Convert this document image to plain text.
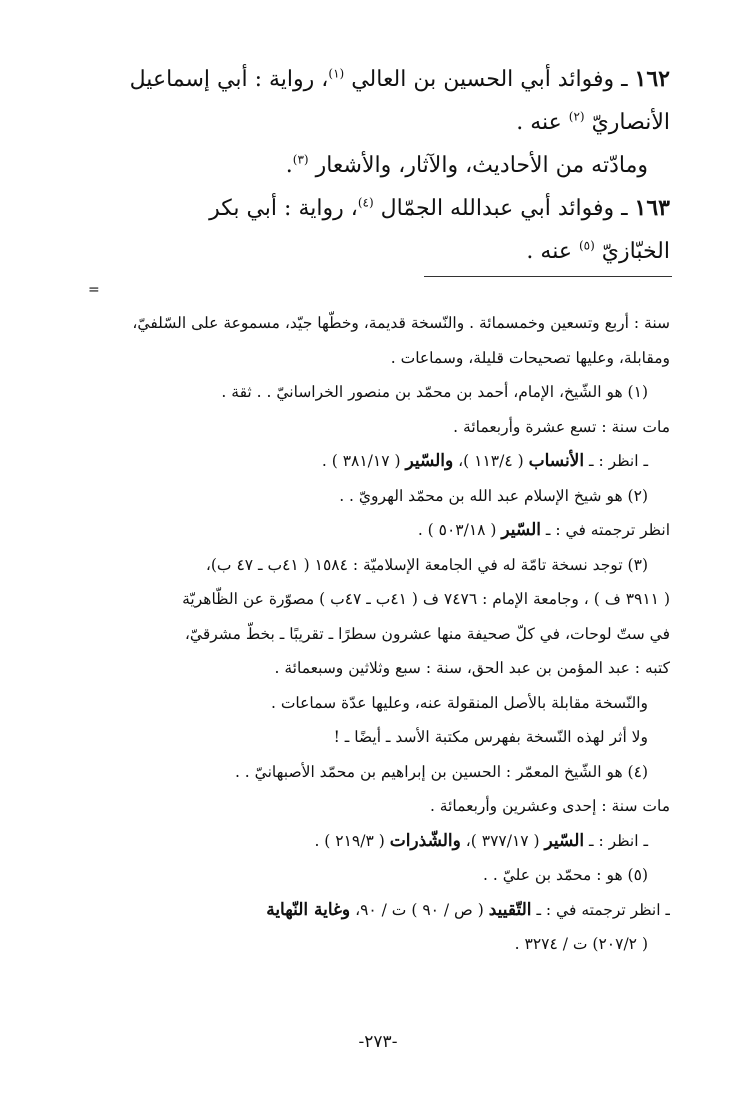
١٦٢ ـ وفوائد أبي الحسين بن العالي $^{(١)}$، رواية : أبي إسماعيل

الأنصاريّ $^{(٢)}$ عنه .

ومادّته من الأحاديث، والآثار، والأشعار $^{(٣)}$.

١٦٣ ـ وفوائد أبي عبدالله الجمّال $^{(٤)}$، رواية : أبي بكر

الخبّازيّ $^{(٥)}$ عنه .

=

سنة : أربع وتسعين وخمسمائة . والنّسخة قديمة، وخطّها جيّد، مسموعة على السّلفيّ،

ومقابلة، وعليها تصحيحات قليلة، وسماعات .

(١) هو الشّيخ، الإمام، أحمد بن محمّد بن منصور الخراسانيّ . . ثقة .

مات سنة : تسع عشرة وأربعمائة .

ـ انظر : ـ الأنساب ( ١١٣/٤ )، والسّير ( ٣٨١/١٧ ) .

(٢) هو شيخ الإسلام عبد الله بن محمّد الهرويّ . .

انظر ترجمته في : ـ السّير ( ٥٠٣/١٨ ) .

(٣) توجد نسخة تامّة له في الجامعة الإسلاميّة : ١٥٨٤ ( ٤١ب ـ ٤٧ ب)،

( ٣٩١١ ف ) ، وجامعة الإمام : ٧٤٧٦ ف ( ٤١ب ـ ٤٧ب ) مصوّرة عن الظّاهريّة

في ستّ لوحات، في كلّ صحيفة منها عشرون سطرًا ـ تقريبًا ـ بخطّ مشرقيّ،

كتبه : عبد المؤمن بن عبد الحق، سنة : سبع وثلاثين وسبعمائة .

والنّسخة مقابلة بالأصل المنقولة عنه، وعليها عدّة سماعات .

ولا أثر لهذه النّسخة بفهرس مكتبة الأسد ـ أيضًا ـ !

(٤) هو الشّيخ المعمّر : الحسين بن إبراهيم بن محمّد الأصبهانيّ . .

مات سنة : إحدى وعشرين وأربعمائة .

ـ انظر : ـ السّير ( ٣٧٧/١٧ )، والشّذرات ( ٢١٩/٣ ) .

(٥) هو : محمّد بن عليّ . .

ـ انظر ترجمته في : ـ التّقييد ( ص / ٩٠ ) ت / ٩٠، وغاية النّهاية

( ٢٠٧/٢) ت / ٣٢٧٤ .

-٢٧٣-
